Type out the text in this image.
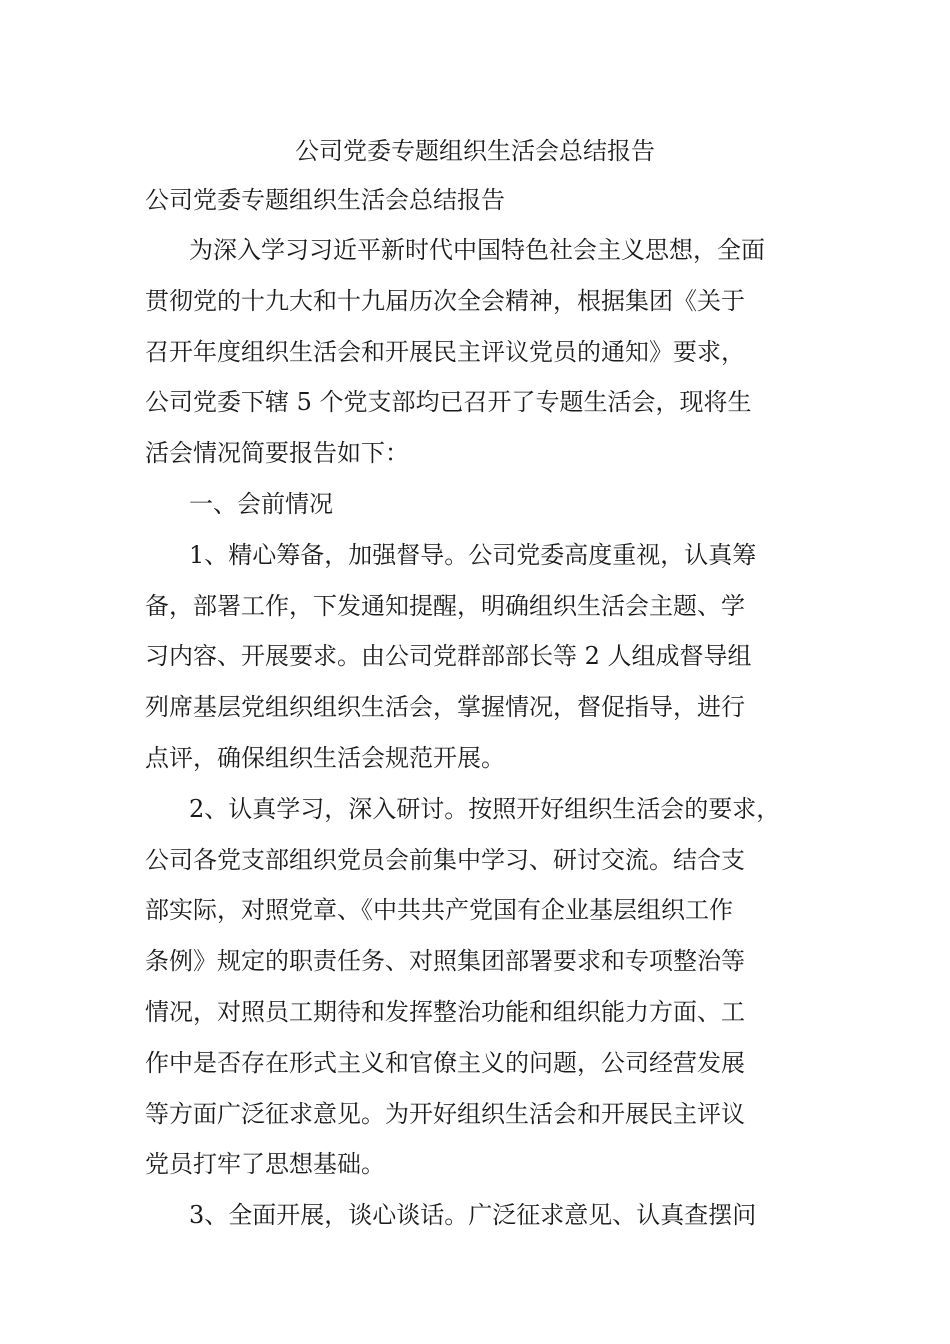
公司党委专题组织生活会总结报告

公司党委专题组织生活会总结报告

为深入学习习近平新时代中国特色社会主义思想，全面
贯彻党的十九大和十九届历次全会精神，根据集团《关于
召开年度组织生活会和开展民主评议党员的通知》要求，
公司党委下辖 5 个党支部均已召开了专题生活会，现将生
活会情况简要报告如下：
一、会前情况
1、精心筹备，加强督导。公司党委高度重视，认真筹
备，部署工作，下发通知提醒，明确组织生活会主题、学
习内容、开展要求。由公司党群部部长等 2 人组成督导组
列席基层党组织组织生活会，掌握情况，督促指导，进行
点评，确保组织生活会规范开展。
2、认真学习，深入研讨。按照开好组织生活会的要求，
公司各党支部组织党员会前集中学习、研讨交流。结合支
部实际，对照党章、《中共共产党国有企业基层组织工作
条例》规定的职责任务、对照集团部署要求和专项整治等
情况，对照员工期待和发挥整治功能和组织能力方面、工
作中是否存在形式主义和官僚主义的问题，公司经营发展
等方面广泛征求意见。为开好组织生活会和开展民主评议
党员打牢了思想基础。
3、全面开展，谈心谈话。广泛征求意见、认真查摆问
